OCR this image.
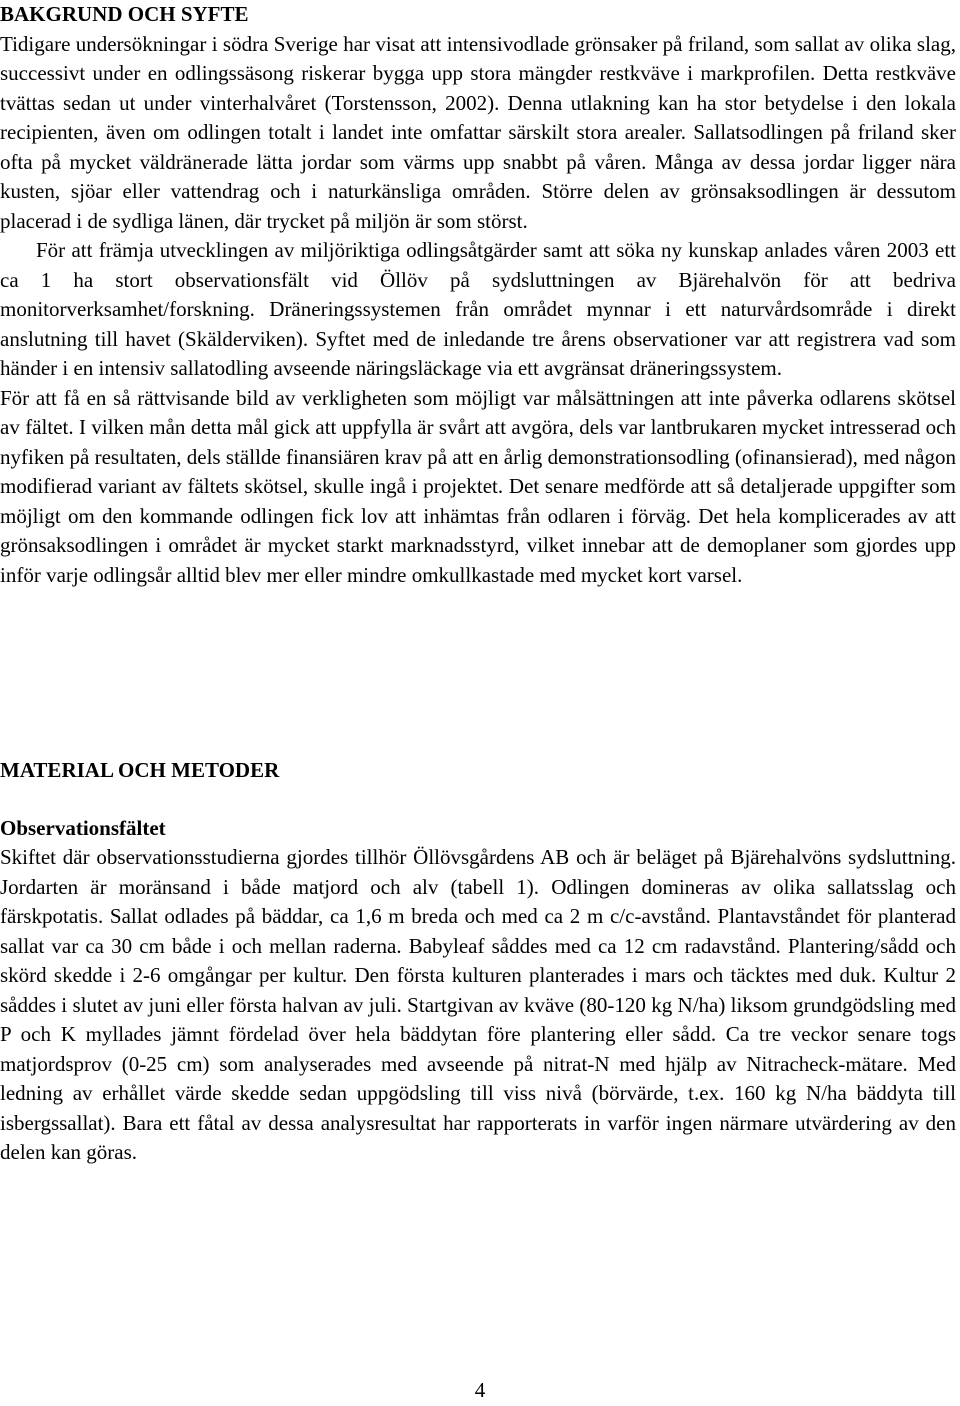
BAKGRUND OCH SYFTE

Tidigare undersökningar i södra Sverige har visat att intensivodlade grönsaker på friland, som sallat av olika slag, successivt under en odlingssäsong riskerar bygga upp stora mängder restkväve i markprofilen. Detta restkväve tvättas sedan ut under vinterhalvåret (Torstensson, 2002). Denna utlakning kan ha stor betydelse i den lokala recipienten, även om odlingen totalt i landet inte omfattar särskilt stora arealer. Sallatsodlingen på friland sker ofta på mycket väldränerade lätta jordar som värms upp snabbt på våren. Många av dessa jordar ligger nära kusten, sjöar eller vattendrag och i naturkänsliga områden. Större delen av grönsaksodlingen är dessutom placerad i de sydliga länen, där trycket på miljön är som störst.

För att främja utvecklingen av miljöriktiga odlingsåtgärder samt att söka ny kunskap anlades våren 2003 ett ca 1 ha stort observationsfält vid Öllöv på sydsluttningen av Bjärehalvön för att bedriva monitorverksamhet/forskning. Dräneringssystemen från området mynnar i ett naturvårdsområde i direkt anslutning till havet (Skälderviken). Syftet med de inledande tre årens observationer var att registrera vad som händer i en intensiv sallatodling avseende näringsläckage via ett avgränsat dräneringssystem.

För att få en så rättvisande bild av verkligheten som möjligt var målsättningen att inte påverka odlarens skötsel av fältet. I vilken mån detta mål gick att uppfylla är svårt att avgöra, dels var lantbrukaren mycket intresserad och nyfiken på resultaten, dels ställde finansiären krav på att en årlig demonstrationsodling (ofinansierad), med någon modifierad variant av fältets skötsel, skulle ingå i projektet. Det senare medförde att så detaljerade uppgifter som möjligt om den kommande odlingen fick lov att inhämtas från odlaren i förväg. Det hela komplicerades av att grönsaksodlingen i området är mycket starkt marknadsstyrd, vilket innebar att de demoplaner som gjordes upp inför varje odlingsår alltid blev mer eller mindre omkullkastade med mycket kort varsel.

MATERIAL OCH METODER
Observationsfältet

Skiftet där observationsstudierna gjordes tillhör Öllövsgårdens AB och är beläget på Bjärehalvöns sydsluttning. Jordarten är moränsand i både matjord och alv (tabell 1). Odlingen domineras av olika sallatsslag och färskpotatis. Sallat odlades på bäddar, ca 1,6 m breda och med ca 2 m c/c-avstånd. Plantavståndet för planterad sallat var ca 30 cm både i och mellan raderna. Babyleaf såddes med ca 12 cm radavstånd. Plantering/sådd och skörd skedde i 2-6 omgångar per kultur. Den första kulturen planterades i mars och täcktes med duk. Kultur 2 såddes i slutet av juni eller första halvan av juli. Startgivan av kväve (80-120 kg N/ha) liksom grundgödsling med P och K myllades jämnt fördelad över hela bäddytan före plantering eller sådd. Ca tre veckor senare togs matjordsprov (0-25 cm) som analyserades med avseende på nitrat-N med hjälp av Nitracheck-mätare. Med ledning av erhållet värde skedde sedan uppgödsling till viss nivå (börvärde, t.ex. 160 kg N/ha bäddyta till isbergssallat). Bara ett fåtal av dessa analysresultat har rapporterats in varför ingen närmare utvärdering av den delen kan göras.

4
